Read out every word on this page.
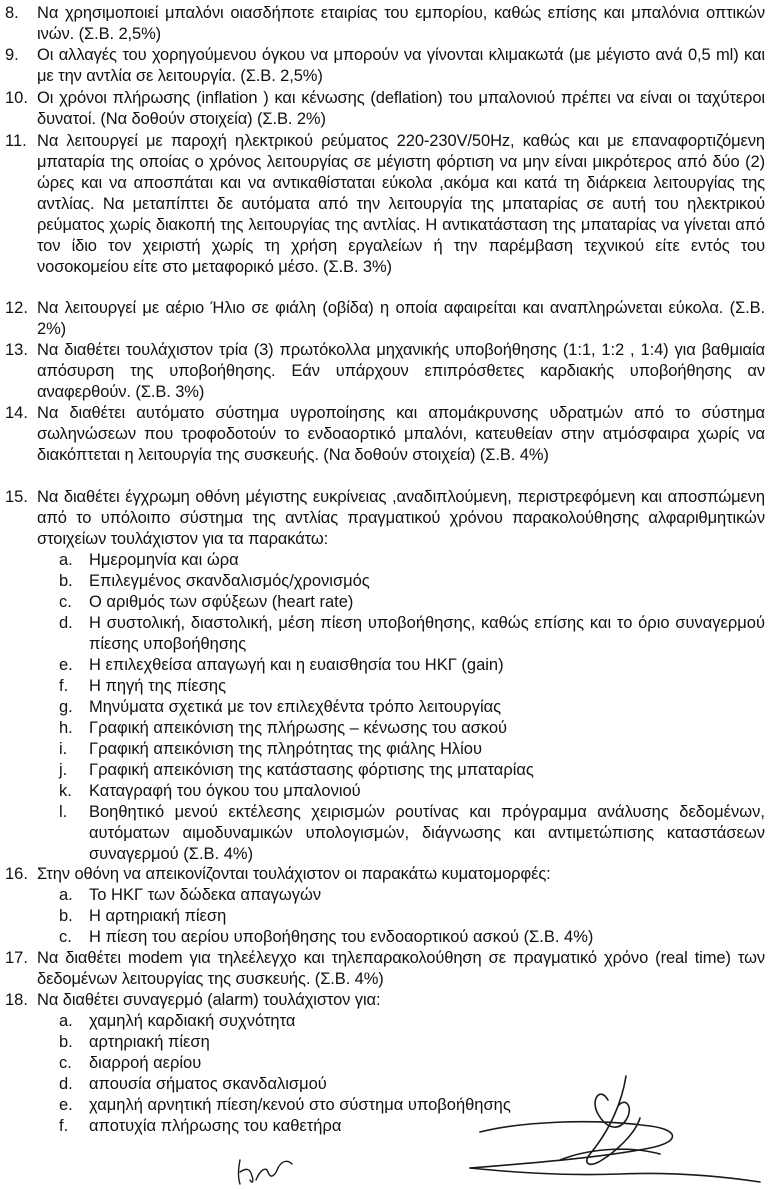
8. Να χρησιμοποιεί μπαλόνι οιασδήποτε εταιρίας του εμπορίου, καθώς επίσης και μπαλόνια οπτικών ινών. (Σ.Β. 2,5%)
9. Οι αλλαγές του χορηγούμενου όγκου να μπορούν να γίνονται κλιμακωτά (με μέγιστο ανά 0,5 ml) και με την αντλία σε λειτουργία. (Σ.Β. 2,5%)
10. Οι χρόνοι πλήρωσης (inflation ) και κένωσης (deflation) του μπαλονιού πρέπει να είναι οι ταχύτεροι δυνατοί. (Να δοθούν στοιχεία) (Σ.Β. 2%)
11. Να λειτουργεί με παροχή ηλεκτρικού ρεύματος 220-230V/50Hz, καθώς και με επαναφορτιζόμενη μπαταρία της οποίας ο χρόνος λειτουργίας σε μέγιστη φόρτιση να μην είναι μικρότερος από δύο (2) ώρες και να αποσπάται και να αντικαθίσταται εύκολα ,ακόμα και κατά τη διάρκεια λειτουργίας της αντλίας. Να μεταπίπτει δε αυτόματα από την λειτουργία της μπαταρίας σε αυτή του ηλεκτρικού ρεύματος χωρίς διακοπή της λειτουργίας της αντλίας. Η αντικατάσταση της μπαταρίας να γίνεται από τον ίδιο τον χειριστή χωρίς τη χρήση εργαλείων ή την παρέμβαση τεχνικού είτε εντός του νοσοκομείου είτε στο μεταφορικό μέσο. (Σ.Β. 3%)
12. Να λειτουργεί με αέριο Ήλιο σε φιάλη (οβίδα) η οποία αφαιρείται και αναπληρώνεται εύκολα. (Σ.Β. 2%)
13. Να διαθέτει τουλάχιστον τρία (3) πρωτόκολλα μηχανικής υποβοήθησης (1:1, 1:2 , 1:4) για βαθμιαία απόσυρση της υποβοήθησης. Εάν υπάρχουν επιπρόσθετες καρδιακής υποβοήθησης αν αναφερθούν. (Σ.Β. 3%)
14. Να διαθέτει αυτόματο σύστημα υγροποίησης και απομάκρυνσης υδρατμών από το σύστημα σωληνώσεων που τροφοδοτούν το ενδοαορτικό μπαλόνι, κατευθείαν στην ατμόσφαιρα χωρίς να διακόπτεται η λειτουργία της συσκευής. (Να δοθούν στοιχεία) (Σ.Β. 4%)
15. Να διαθέτει έγχρωμη οθόνη μέγιστης ευκρίνειας ,αναδιπλούμενη, περιστρεφόμενη και αποσπώμενη από το υπόλοιπο σύστημα της αντλίας πραγματικού χρόνου παρακολούθησης αλφαριθμητικών στοιχείων τουλάχιστον για τα παρακάτω:
a. Ημερομηνία και ώρα
b. Επιλεγμένος σκανδαλισμός/χρονισμός
c. Ο αριθμός των σφύξεων (heart rate)
d. Η συστολική, διαστολική, μέση πίεση υποβοήθησης, καθώς επίσης και το όριο συναγερμού πίεσης υποβοήθησης
e. Η επιλεχθείσα απαγωγή και η ευαισθησία του ΗΚΓ (gain)
f. Η πηγή της πίεσης
g. Μηνύματα σχετικά με τον επιλεχθέντα τρόπο λειτουργίας
h. Γραφική απεικόνιση της πλήρωσης – κένωσης του ασκού
i. Γραφική απεικόνιση της πληρότητας της φιάλης Ηλίου
j. Γραφική απεικόνιση της κατάστασης φόρτισης της μπαταρίας
k. Καταγραφή του όγκου του μπαλονιού
l. Βοηθητικό μενού εκτέλεσης χειρισμών ρουτίνας και πρόγραμμα ανάλυσης δεδομένων, αυτόματων αιμοδυναμικών υπολογισμών, διάγνωσης και αντιμετώπισης καταστάσεων συναγερμού (Σ.Β. 4%)
16. Στην οθόνη να απεικονίζονται τουλάχιστον οι παρακάτω κυματομορφές:
a. Το ΗΚΓ των δώδεκα απαγωγών
b. Η αρτηριακή πίεση
c. Η πίεση του αερίου υποβοήθησης του ενδοαορτικού ασκού (Σ.Β. 4%)
17. Να διαθέτει modem για τηλεέλεγχο και τηλεπαρακολούθηση σε πραγματικό χρόνο (real time) των δεδομένων λειτουργίας της συσκευής. (Σ.Β. 4%)
18. Να διαθέτει συναγερμό (alarm) τουλάχιστον για:
a. χαμηλή καρδιακή συχνότητα
b. αρτηριακή πίεση
c. διαρροή αερίου
d. απουσία σήματος σκανδαλισμού
e. χαμηλή αρνητική πίεση/κενού στο σύστημα υποβοήθησης
f. αποτυχία πλήρωσης του καθετήρα
